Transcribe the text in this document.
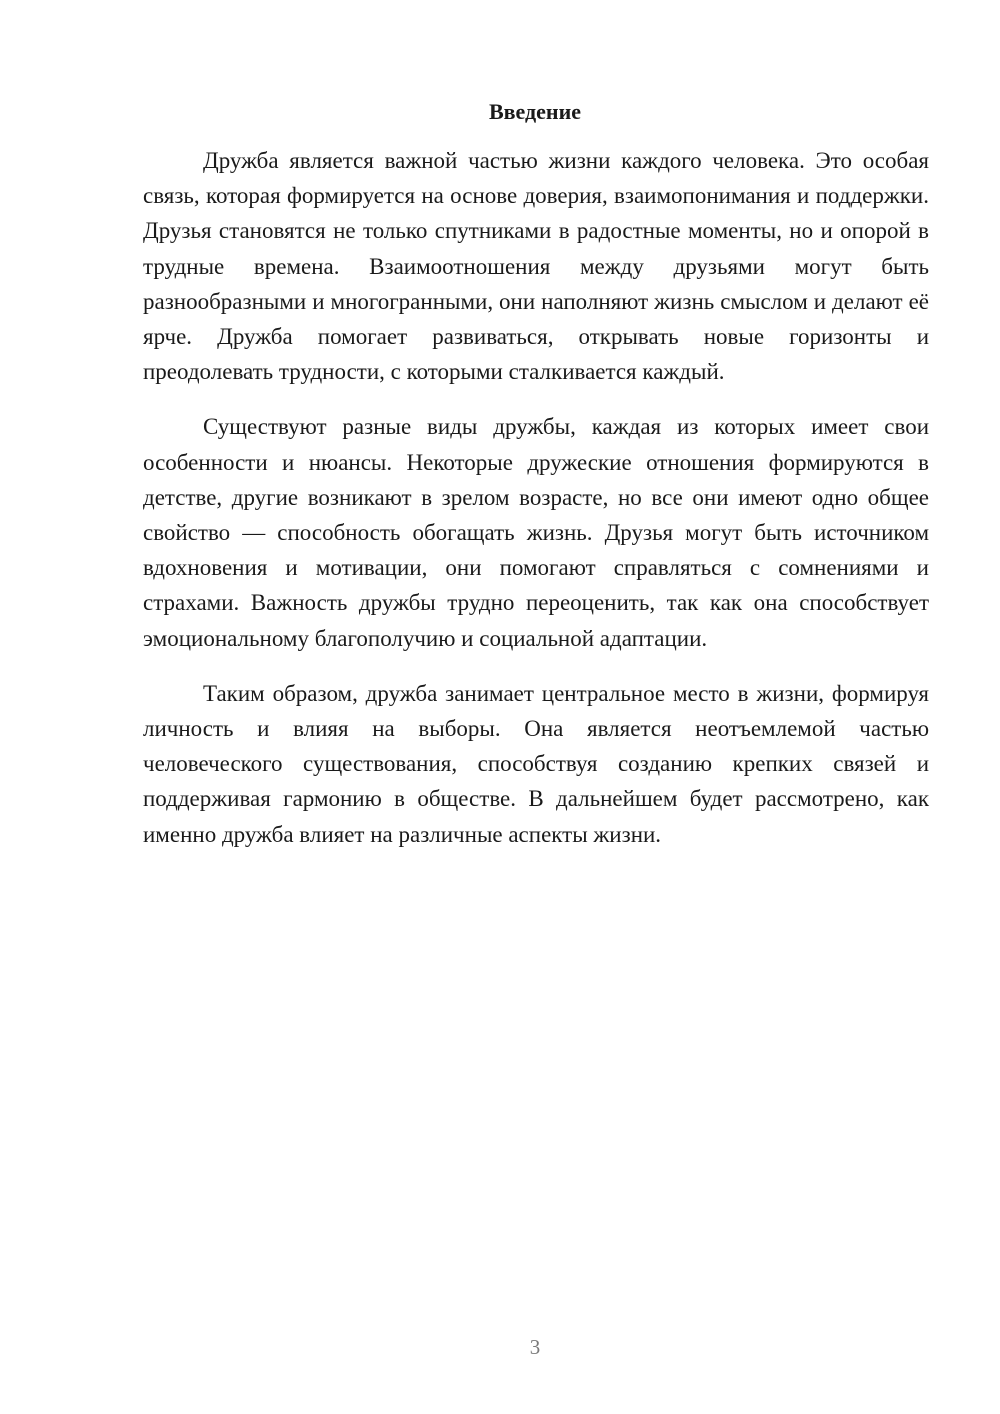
Введение

Дружба является важной частью жизни каждого человека. Это особая связь, которая формируется на основе доверия, взаимопонимания и поддержки. Друзья становятся не только спутниками в радостные моменты, но и опорой в трудные времена. Взаимоотношения между друзьями могут быть разнообразными и многогранными, они наполняют жизнь смыслом и делают её ярче. Дружба помогает развиваться, открывать новые горизонты и преодолевать трудности, с которыми сталкивается каждый.

Существуют разные виды дружбы, каждая из которых имеет свои особенности и нюансы. Некоторые дружеские отношения формируются в детстве, другие возникают в зрелом возрасте, но все они имеют одно общее свойство — способность обогащать жизнь. Друзья могут быть источником вдохновения и мотивации, они помогают справляться с сомнениями и страхами. Важность дружбы трудно переоценить, так как она способствует эмоциональному благополучию и социальной адаптации.

Таким образом, дружба занимает центральное место в жизни, формируя личность и влияя на выборы. Она является неотъемлемой частью человеческого существования, способствуя созданию крепких связей и поддерживая гармонию в обществе. В дальнейшем будет рассмотрено, как именно дружба влияет на различные аспекты жизни.

3
